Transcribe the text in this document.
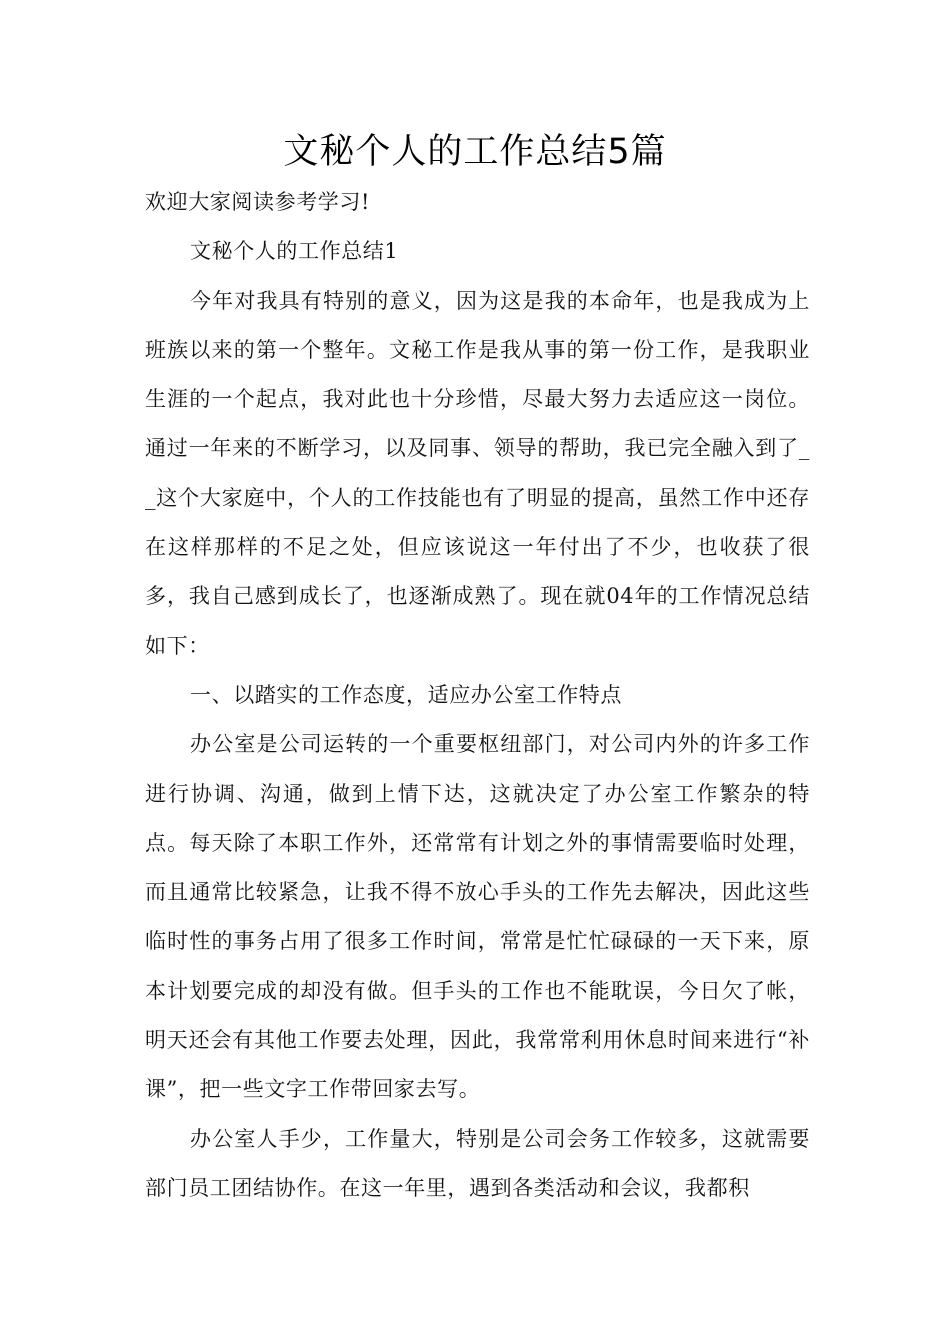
文秘个人的工作总结5篇

欢迎大家阅读参考学习!

文秘个人的工作总结1

今年对我具有特别的意义，因为这是我的本命年，也是我成为上班族以来的第一个整年。文秘工作是我从事的第一份工作，是我职业生涯的一个起点，我对此也十分珍惜，尽最大努力去适应这一岗位。通过一年来的不断学习，以及同事、领导的帮助，我已完全融入到了__这个大家庭中，个人的工作技能也有了明显的提高，虽然工作中还存在这样那样的不足之处，但应该说这一年付出了不少，也收获了很多，我自己感到成长了，也逐渐成熟了。现在就04年的工作情况总结如下：

一、以踏实的工作态度，适应办公室工作特点

办公室是公司运转的一个重要枢纽部门，对公司内外的许多工作进行协调、沟通，做到上情下达，这就决定了办公室工作繁杂的特点。每天除了本职工作外，还常常有计划之外的事情需要临时处理，而且通常比较紧急，让我不得不放心手头的工作先去解决，因此这些临时性的事务占用了很多工作时间，常常是忙忙碌碌的一天下来，原本计划要完成的却没有做。但手头的工作也不能耽误，今日欠了帐，明天还会有其他工作要去处理，因此，我常常利用休息时间来进行“补课”，把一些文字工作带回家去写。

办公室人手少，工作量大，特别是公司会务工作较多，这就需要部门员工团结协作。在这一年里，遇到各类活动和会议，我都积
